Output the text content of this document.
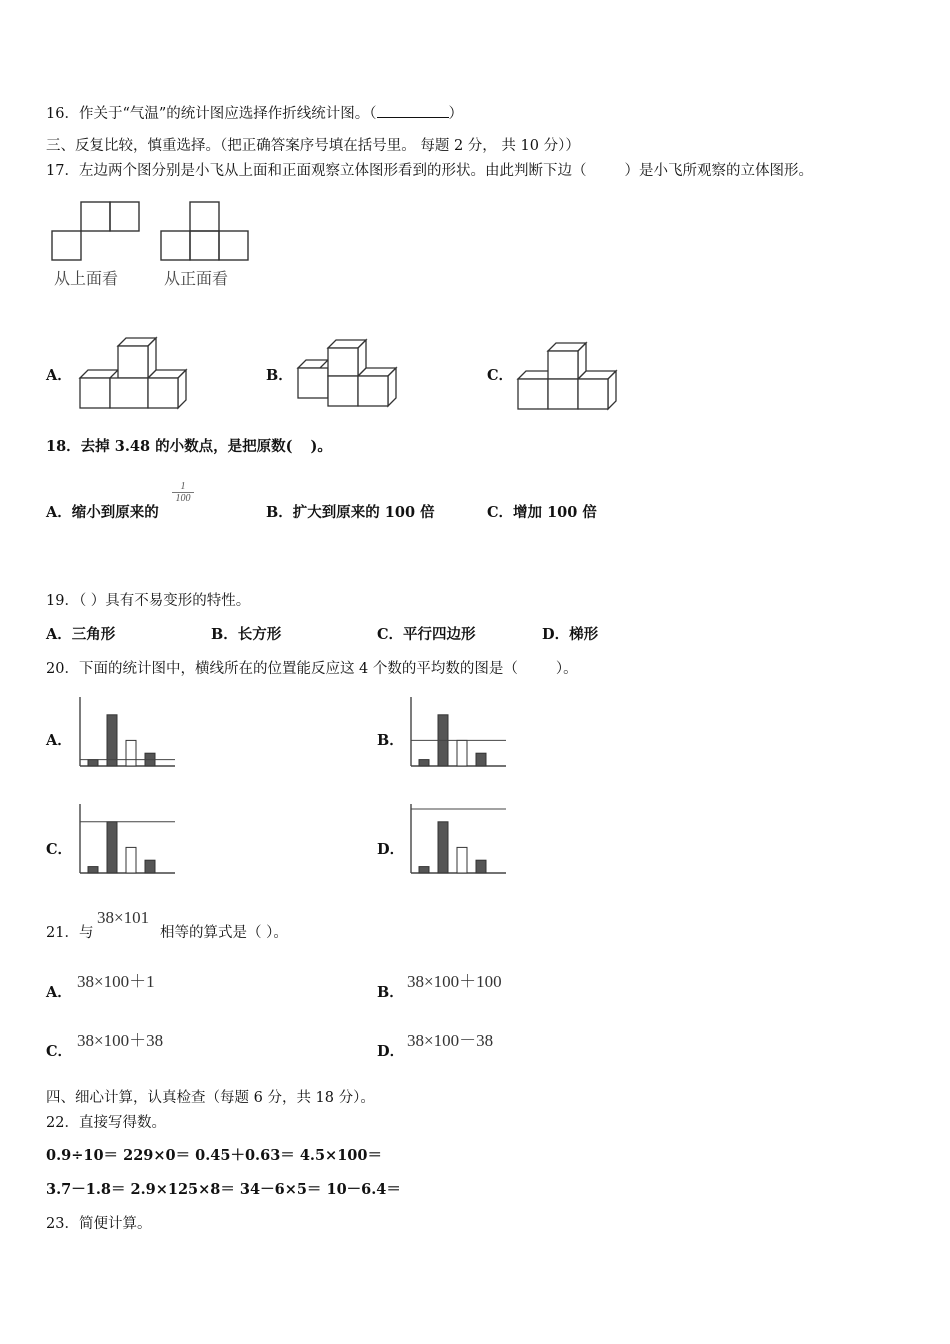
16．作关于“气温”的统计图应选择作折线统计图。（	）
三、反复比较，慎重选择。（把正确答案序号填在括号里。 每题 2 分， 共 10 分））
17．左边两个图分别是小飞从上面和正面观察立体图形看到的形状。由此判断下边（	）是小飞所观察的立体图形。
从上面看	从正面看
A．	B．	C．
18．去掉 3.48 的小数点，是把原数( )。
A．缩小到原来的
$\frac{1}{100}$
B．扩大到原来的 100 倍	C．增加 100 倍
19．（ ）具有不易变形的特性。
A．三角形	B．长方形	C．平行四边形	D．梯形
20．下面的统计图中，横线所在的位置能反应这 4 个数的平均数的图是（	）。
A．	B．
C．	D．
21．与
38×101
相等的算式是（ ）。
A．
38×100＋1
B．
38×100＋100
C．
38×100＋38
D．
38×100－38
四、细心计算，认真检查（每题 6 分，共 18 分）。
22．直接写得数。
0.9÷10＝ 229×0＝ 0.45＋0.63＝ 4.5×100＝
3.7－1.8＝ 2.9×125×8＝ 34－6×5＝ 10－6.4＝
23．简便计算。
